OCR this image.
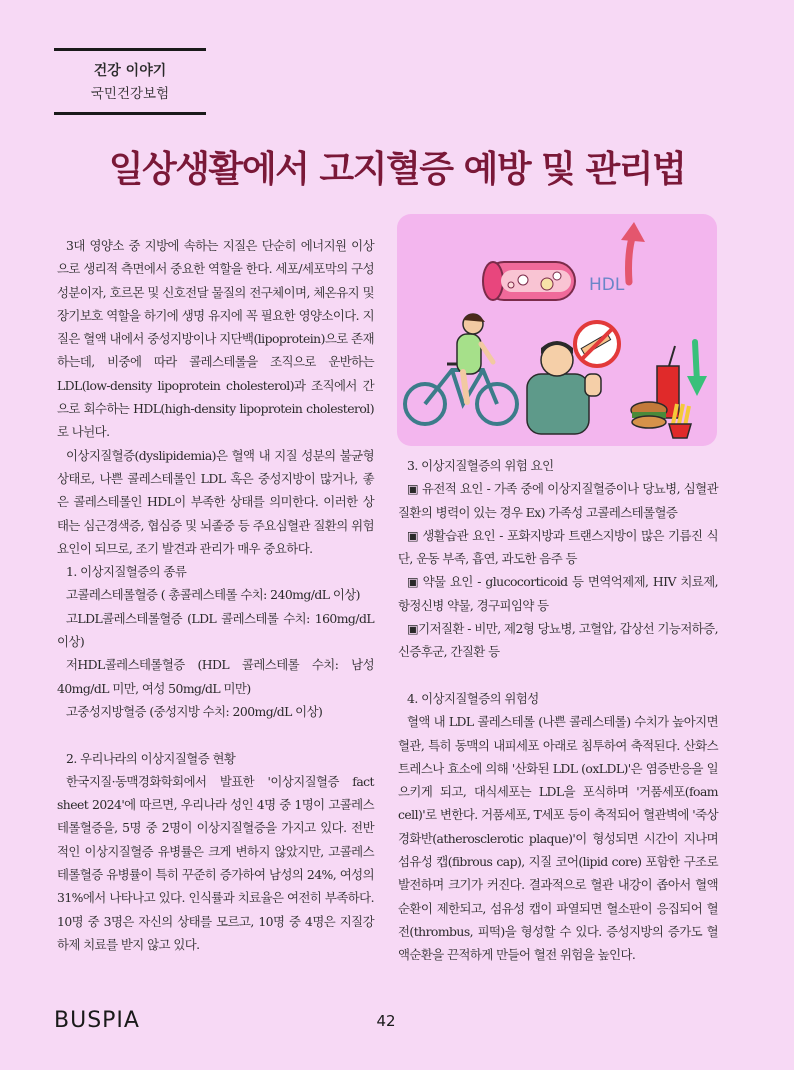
건강 이야기
국민건강보험
일상생활에서 고지혈증 예방 및 관리법

3대 영양소 중 지방에 속하는 지질은 단순히 에너지원 이상으로 생리적 측면에서 중요한 역할을 한다. 세포/세포막의 구성성분이자, 호르몬 및 신호전달 물질의 전구체이며, 체온유지 및 장기보호 역할을 하기에 생명 유지에 꼭 필요한 영양소이다. 지질은 혈액 내에서 중성지방이나 지단백(lipoprotein)으로 존재하는데, 비중에 따라 콜레스테롤을 조직으로 운반하는 LDL(low-density lipoprotein cholesterol)과 조직에서 간으로 회수하는 HDL(high-density lipoprotein cholesterol)로 나뉜다.

이상지질혈증(dyslipidemia)은 혈액 내 지질 성분의 불균형 상태로, 나쁜 콜레스테롤인 LDL 혹은 중성지방이 많거나, 좋은 콜레스테롤인 HDL이 부족한 상태를 의미한다. 이러한 상태는 심근경색증, 협심증 및 뇌졸중 등 주요심혈관 질환의 위험 요인이 되므로, 조기 발견과 관리가 매우 중요하다.

1. 이상지질혈증의 종류
고콜레스테롤혈증 ( 총콜레스테롤 수치: 240mg/dL 이상)
고LDL콜레스테롤혈증 (LDL 콜레스테롤 수치: 160mg/dL 이상)
저HDL콜레스테롤혈증 (HDL 콜레스테롤 수치: 남성 40mg/dL 미만, 여성 50mg/dL 미만)
고중성지방혈증 (중성지방 수치: 200mg/dL 이상)
2. 우리나라의 이상지질혈증 현황

한국지질·동맥경화학회에서 발표한 '이상지질혈증 fact sheet 2024'에 따르면, 우리나라 성인 4명 중 1명이 고콜레스테롤혈증을, 5명 중 2명이 이상지질혈증을 가지고 있다. 전반적인 이상지질혈증 유병률은 크게 변하지 않았지만, 고콜레스테롤혈증 유병률이 특히 꾸준히 증가하여 남성의 24%, 여성의 31%에서 나타나고 있다. 인식률과 치료율은 여전히 부족하다. 10명 중 3명은 자신의 상태를 모르고, 10명 중 4명은 지질강하제 치료를 받지 않고 있다.

HDL
3. 이상지질혈증의 위험 요인
▣ 유전적 요인 - 가족 중에 이상지질혈증이나 당뇨병, 심혈관 질환의 병력이 있는 경우 Ex) 가족성 고콜레스테롤혈증
▣ 생활습관 요인 - 포화지방과 트랜스지방이 많은 기름진 식단, 운동 부족, 흡연, 과도한 음주 등
▣ 약물 요인 - glucocorticoid 등 면역억제제, HIV 치료제, 항정신병 약물, 경구피임약 등
▣기저질환 - 비만, 제2형 당뇨병, 고혈압, 갑상선 기능저하증, 신증후군, 간질환 등
4. 이상지질혈증의 위험성

혈액 내 LDL 콜레스테롤 (나쁜 콜레스테롤) 수치가 높아지면 혈관, 특히 동맥의 내피세포 아래로 침투하여 축적된다. 산화스트레스나 효소에 의해 '산화된 LDL (oxLDL)'은 염증반응을 일으키게 되고, 대식세포는 LDL을 포식하며 '거품세포(foam cell)'로 변한다. 거품세포, T세포 등이 축적되어 혈관벽에 '죽상경화반(atherosclerotic plaque)'이 형성되면 시간이 지나며 섬유성 캡(fibrous cap), 지질 코어(lipid core) 포함한 구조로 발전하며 크기가 커진다. 결과적으로 혈관 내강이 좁아서 혈액순환이 제한되고, 섬유성 캡이 파열되면 혈소판이 응집되어 혈전(thrombus, 피떡)을 형성할 수 있다. 증성지방의 증가도 혈액순환을 끈적하게 만들어 혈전 위험을 높인다.

BUSPIA	42
